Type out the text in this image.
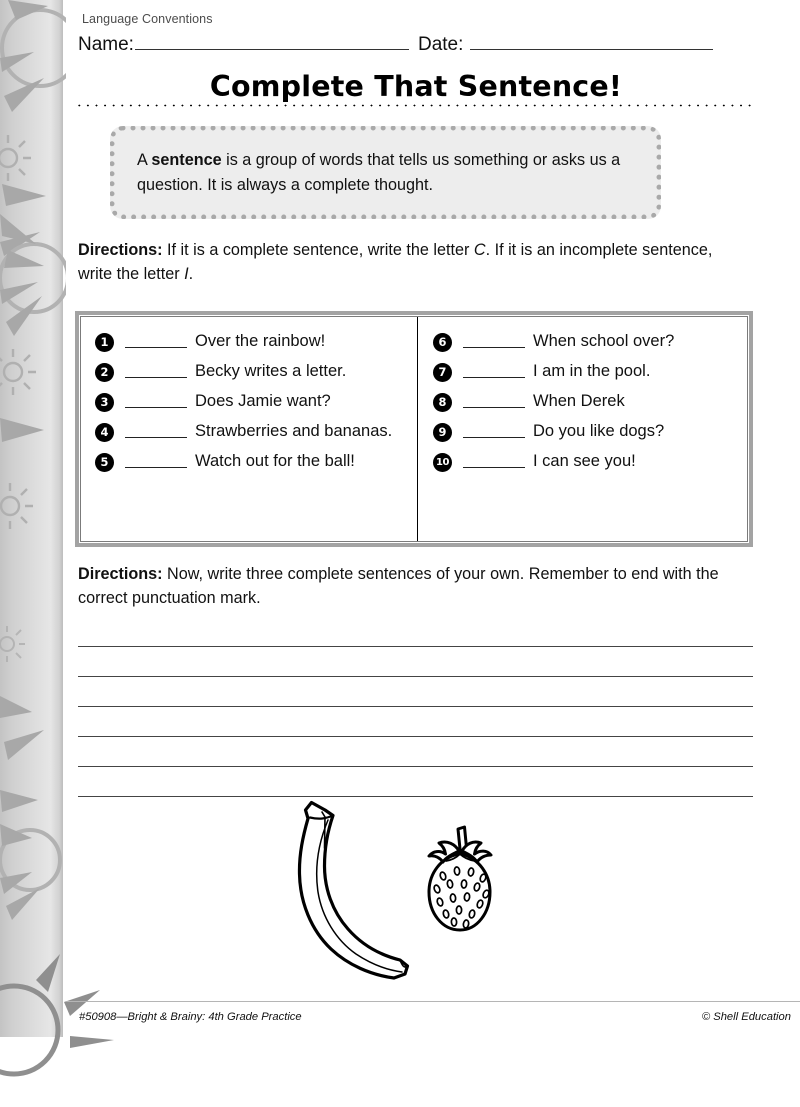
Language Conventions
Name:	Date:
Complete That Sentence!
A sentence is a group of words that tells us something or asks us a question. It is always a complete thought.
Directions: If it is a complete sentence, write the letter C. If it is an incomplete sentence, write the letter I.
1	Over the rainbow!
2	Becky writes a letter.
3	Does Jamie want?
4	Strawberries and bananas.
5	Watch out for the ball!
6	When school over?
7	I am in the pool.
8	When Derek
9	Do you like dogs?
10	I can see you!
Directions: Now, write three complete sentences of your own. Remember to end with the correct punctuation mark.
#50908—Bright & Brainy: 4th Grade Practice	© Shell Education
